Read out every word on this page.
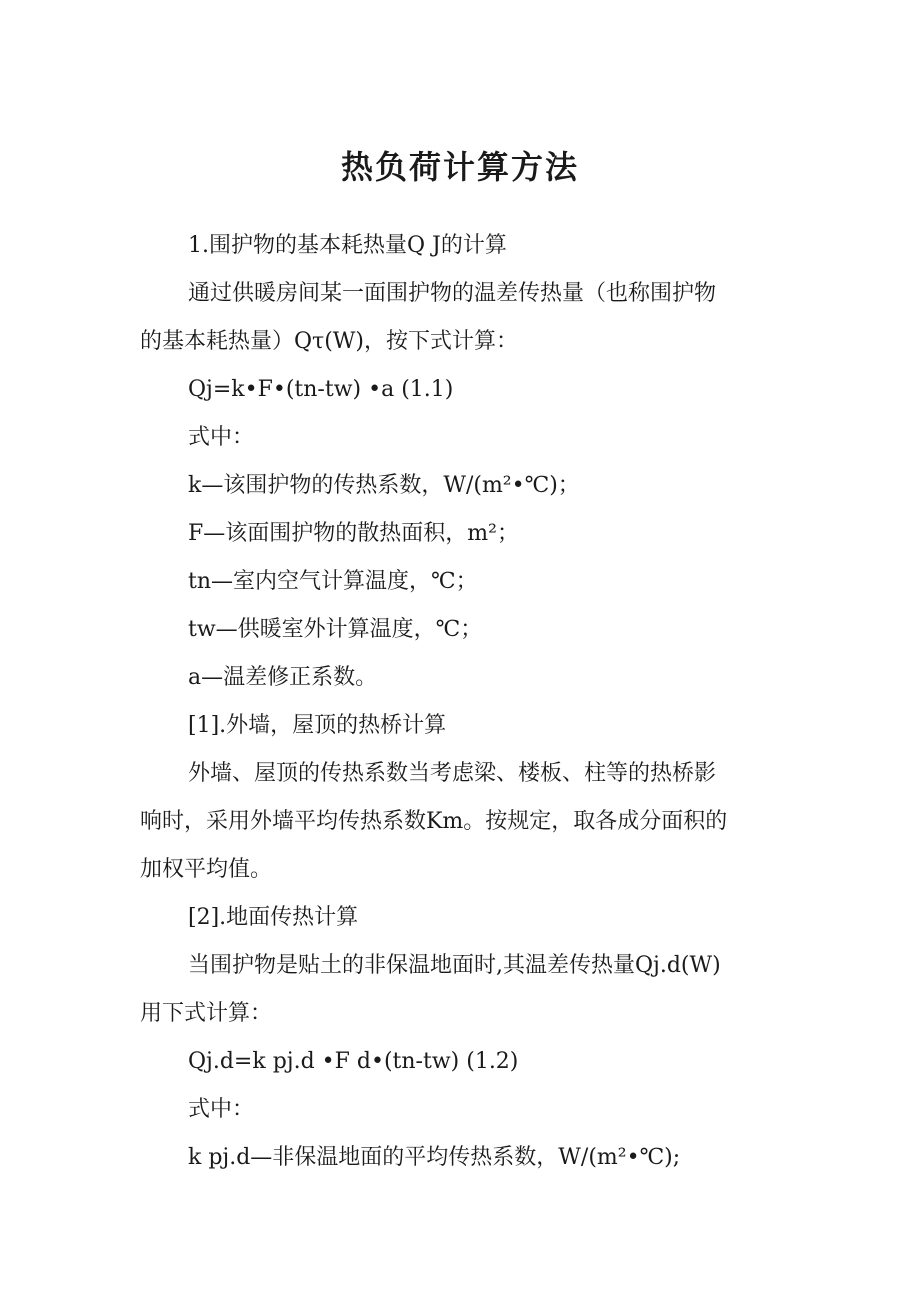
热负荷计算方法

1.围护物的基本耗热量Q J的计算

通过供暖房间某一面围护物的温差传热量（也称围护物

的基本耗热量）Qτ(W)，按下式计算：

Qj=k•F•(tn-tw) •a (1.1)

式中：

k—该围护物的传热系数，W/(m²•℃)；

F—该面围护物的散热面积，m²；

tn—室内空气计算温度，℃；

tw—供暖室外计算温度，℃；

a—温差修正系数。

[1].外墙，屋顶的热桥计算

外墙、屋顶的传热系数当考虑梁、楼板、柱等的热桥影

响时，采用外墙平均传热系数Km。按规定，取各成分面积的

加权平均值。

[2].地面传热计算

当围护物是贴土的非保温地面时,其温差传热量Qj.d(W)

用下式计算：

Qj.d=k pj.d •F d•(tn-tw) (1.2)

式中：

k pj.d—非保温地面的平均传热系数，W/(m²•℃);
